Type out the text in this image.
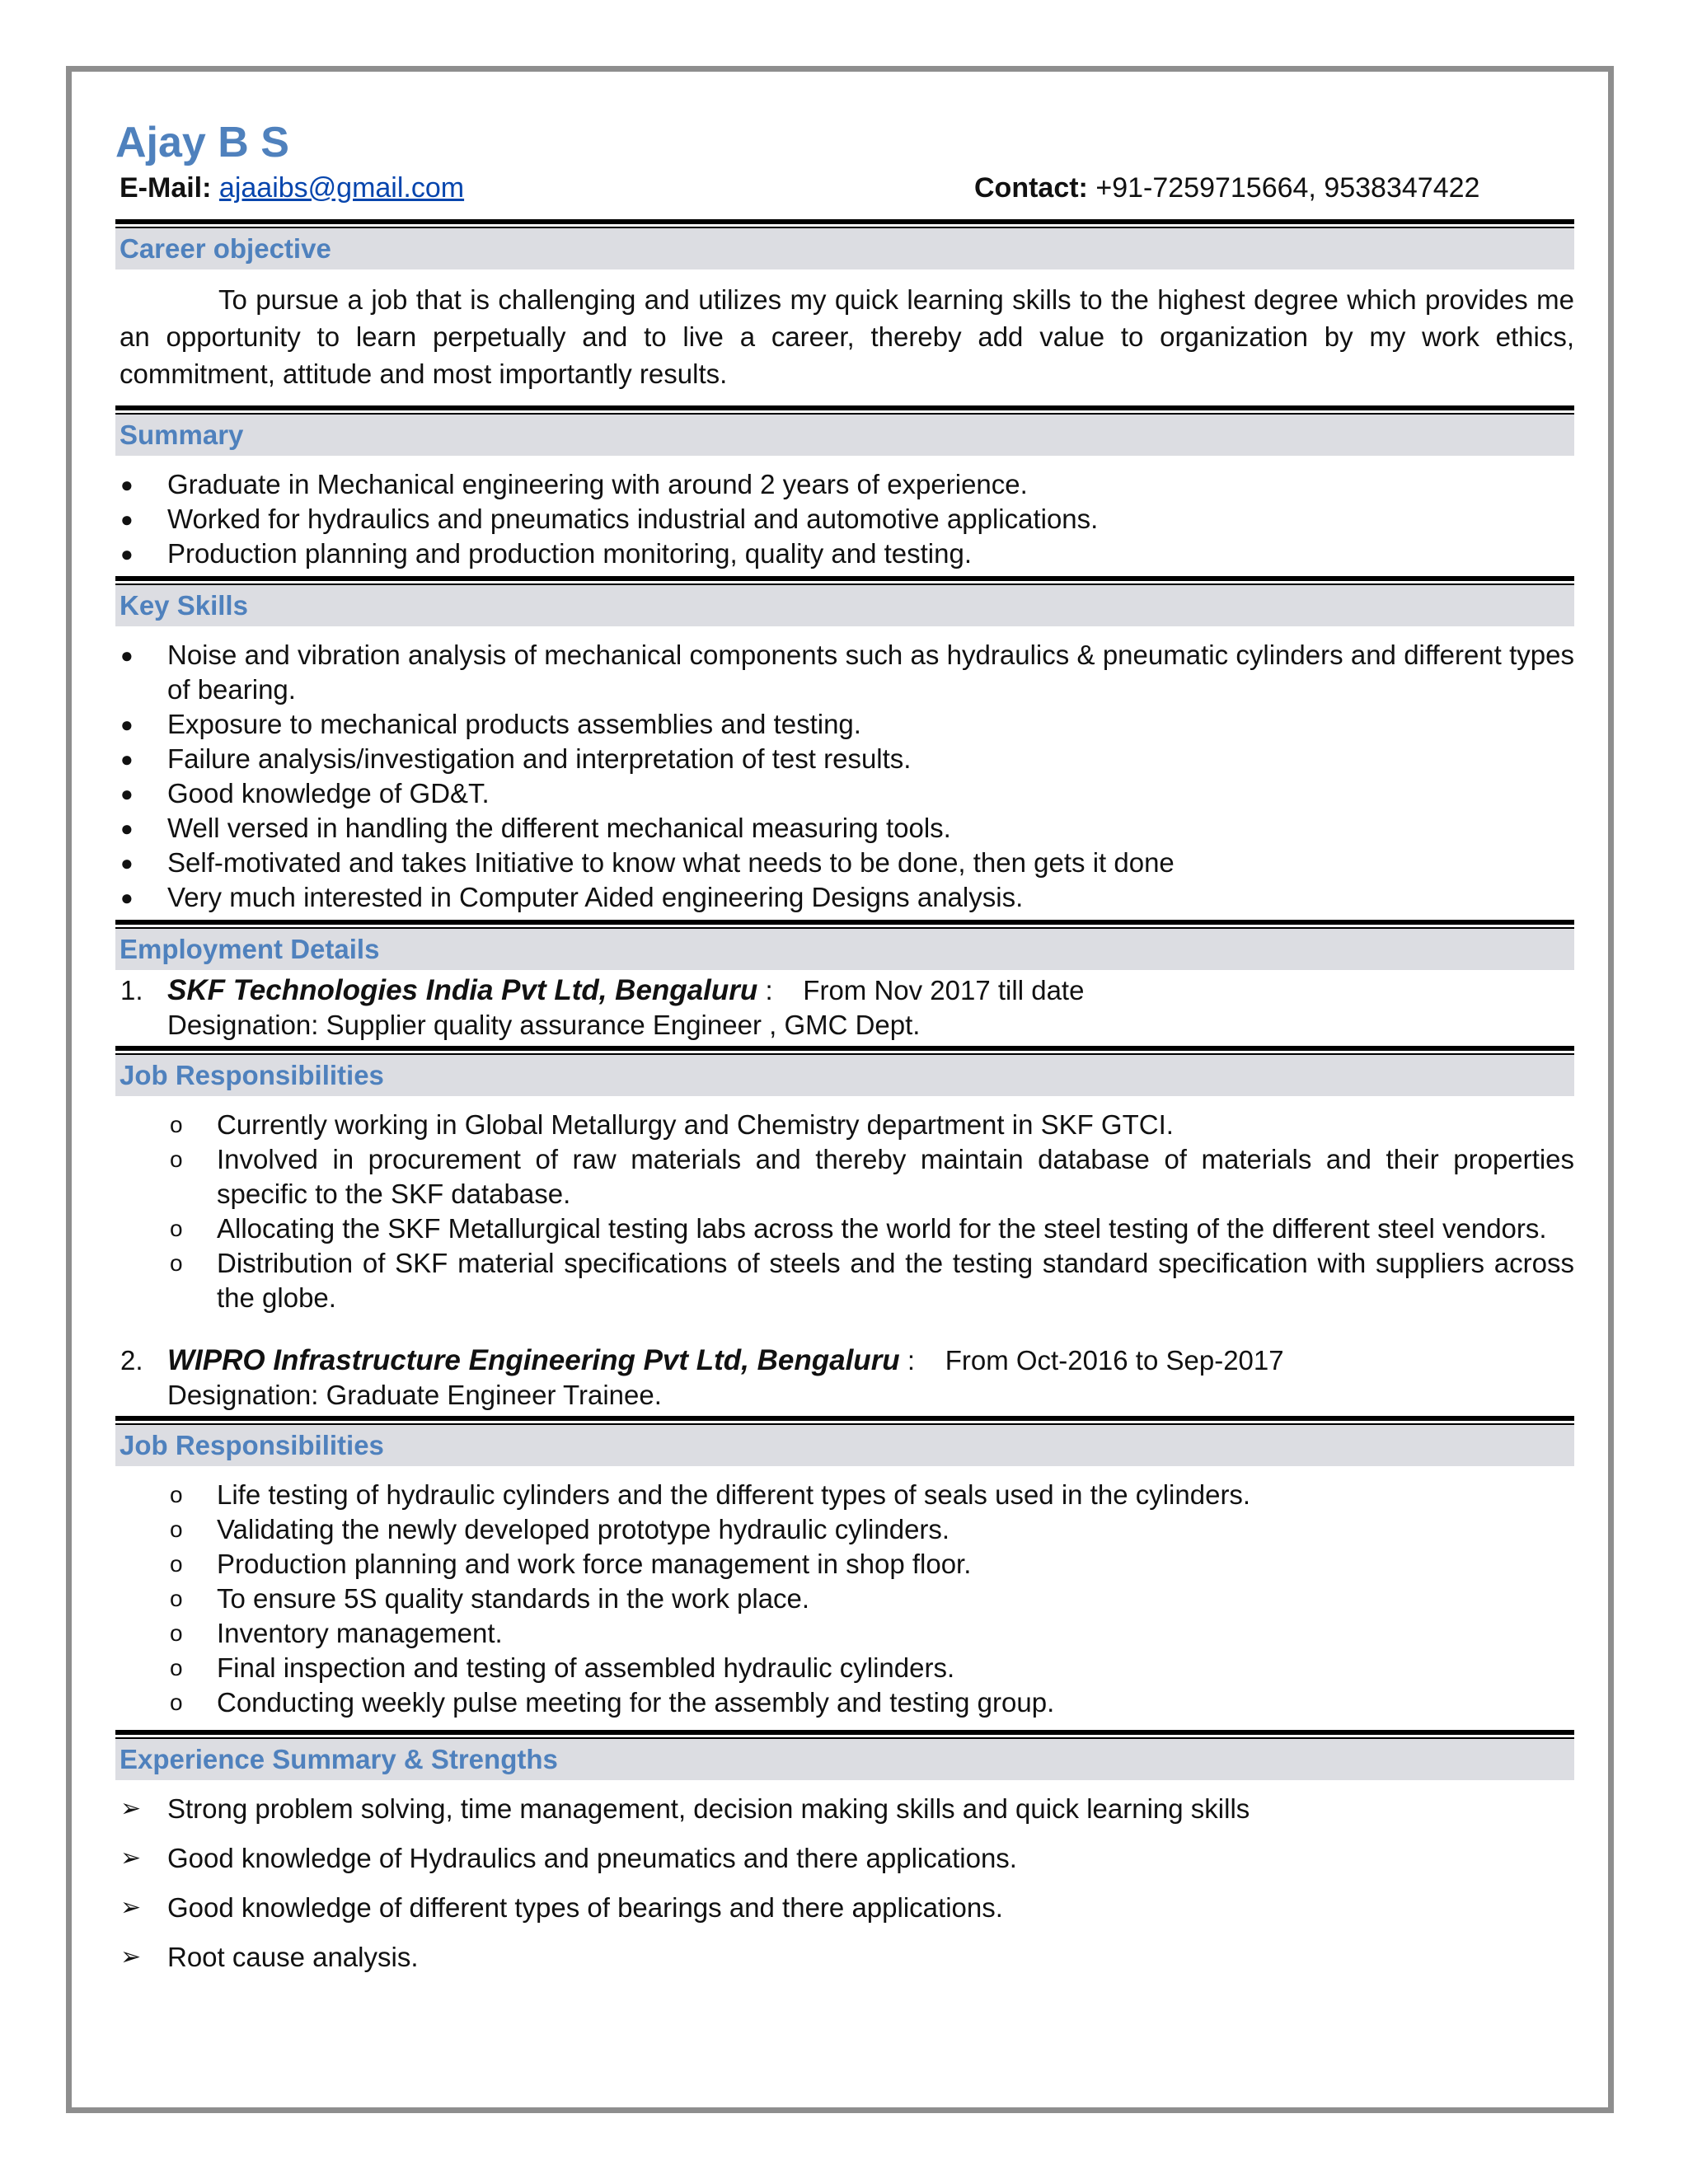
Ajay B S
E-Mail: ajaaibs@gmail.com	Contact: +91-7259715664, 9538347422
Career objective
To pursue a job that is challenging and utilizes my quick learning skills to the highest degree which provides me an opportunity to learn perpetually and to live a career, thereby add value to organization by my work ethics, commitment, attitude and most importantly results.
Summary
●	Graduate in Mechanical engineering with around 2 years of experience.
●	Worked for hydraulics and pneumatics industrial and automotive applications.
●	Production planning and production monitoring, quality and testing.
Key Skills
●	Noise and vibration analysis of mechanical components such as hydraulics & pneumatic cylinders and different types of bearing.
●	Exposure to mechanical products assemblies and testing.
●	Failure analysis/investigation and interpretation of test results.
●	Good knowledge of GD&T.
●	Well versed in handling the different mechanical measuring tools.
●	Self-motivated and takes Initiative to know what needs to be done, then gets it done
●	Very much interested in Computer Aided engineering Designs analysis.
Employment Details
1. SKF Technologies India Pvt Ltd, Bengaluru : From Nov 2017 till date
Designation: Supplier quality assurance Engineer , GMC Dept.
Job Responsibilities
o	Currently working in Global Metallurgy and Chemistry department in SKF GTCI.
o	Involved in procurement of raw materials and thereby maintain database of materials and their properties specific to the SKF database.
o	Allocating the SKF Metallurgical testing labs across the world for the steel testing of the different steel vendors.
o	Distribution of SKF material specifications of steels and the testing standard specification with suppliers across the globe.
2. WIPRO Infrastructure Engineering Pvt Ltd, Bengaluru : From Oct-2016 to Sep-2017
Designation: Graduate Engineer Trainee.
Job Responsibilities
o	Life testing of hydraulic cylinders and the different types of seals used in the cylinders.
o	Validating the newly developed prototype hydraulic cylinders.
o	Production planning and work force management in shop floor.
o	To ensure 5S quality standards in the work place.
o	Inventory management.
o	Final inspection and testing of assembled hydraulic cylinders.
o	Conducting weekly pulse meeting for the assembly and testing group.
Experience Summary & Strengths
➢ Strong problem solving, time management, decision making skills and quick learning skills
➢ Good knowledge of Hydraulics and pneumatics and there applications.
➢ Good knowledge of different types of bearings and there applications.
➢ Root cause analysis.
